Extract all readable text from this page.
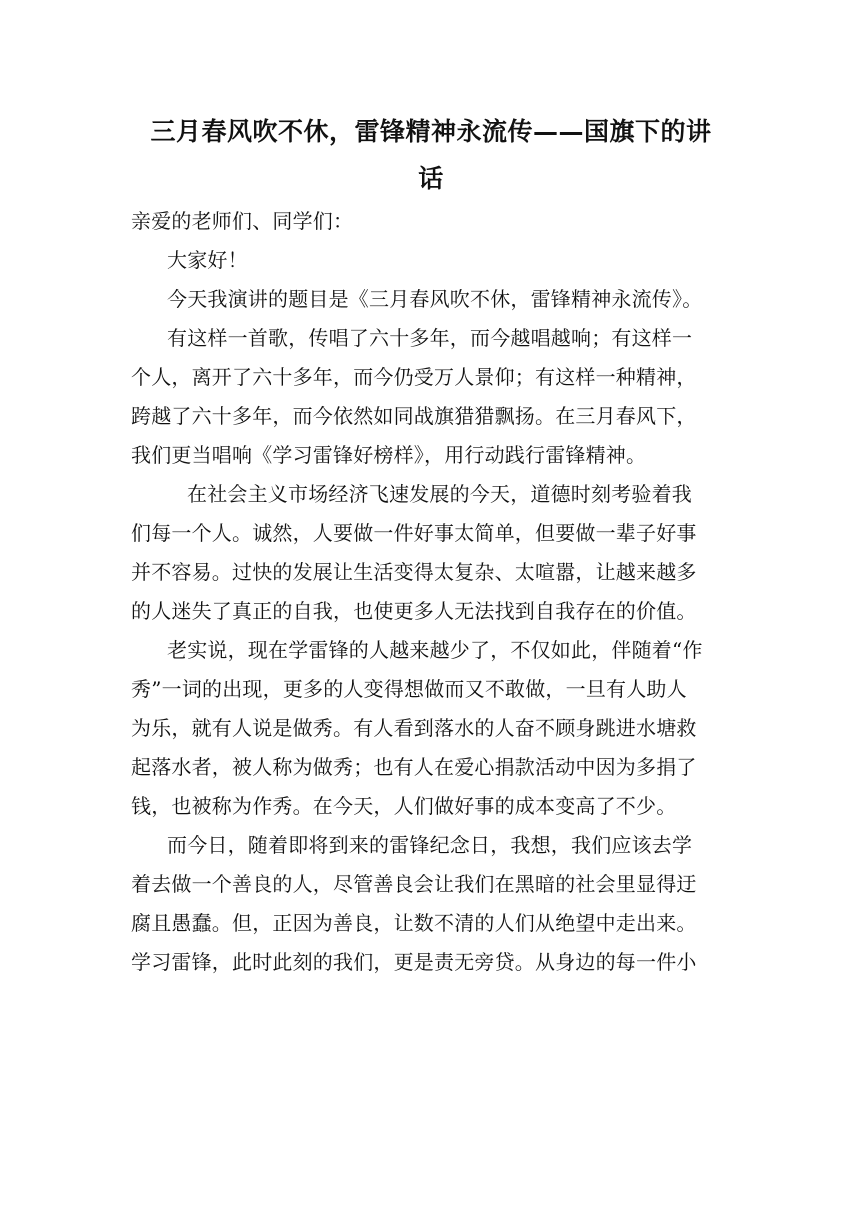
三月春风吹不休，雷锋精神永流传——国旗下的讲
话
亲爱的老师们、同学们：
大家好！
今天我演讲的题目是《三月春风吹不休，雷锋精神永流传》。
有这样一首歌，传唱了六十多年，而今越唱越响；有这样一
个人，离开了六十多年，而今仍受万人景仰；有这样一种精神，
跨越了六十多年，而今依然如同战旗猎猎飘扬。在三月春风下，
我们更当唱响《学习雷锋好榜样》，用行动践行雷锋精神。
在社会主义市场经济飞速发展的今天，道德时刻考验着我
们每一个人。诚然，人要做一件好事太简单，但要做一辈子好事
并不容易。过快的发展让生活变得太复杂、太喧嚣，让越来越多
的人迷失了真正的自我，也使更多人无法找到自我存在的价值。
老实说，现在学雷锋的人越来越少了，不仅如此，伴随着“作
秀”一词的出现，更多的人变得想做而又不敢做，一旦有人助人
为乐，就有人说是做秀。有人看到落水的人奋不顾身跳进水塘救
起落水者，被人称为做秀；也有人在爱心捐款活动中因为多捐了
钱，也被称为作秀。在今天，人们做好事的成本变高了不少。
而今日，随着即将到来的雷锋纪念日，我想，我们应该去学
着去做一个善良的人，尽管善良会让我们在黑暗的社会里显得迂
腐且愚蠢。但，正因为善良，让数不清的人们从绝望中走出来。
学习雷锋，此时此刻的我们，更是责无旁贷。从身边的每一件小
